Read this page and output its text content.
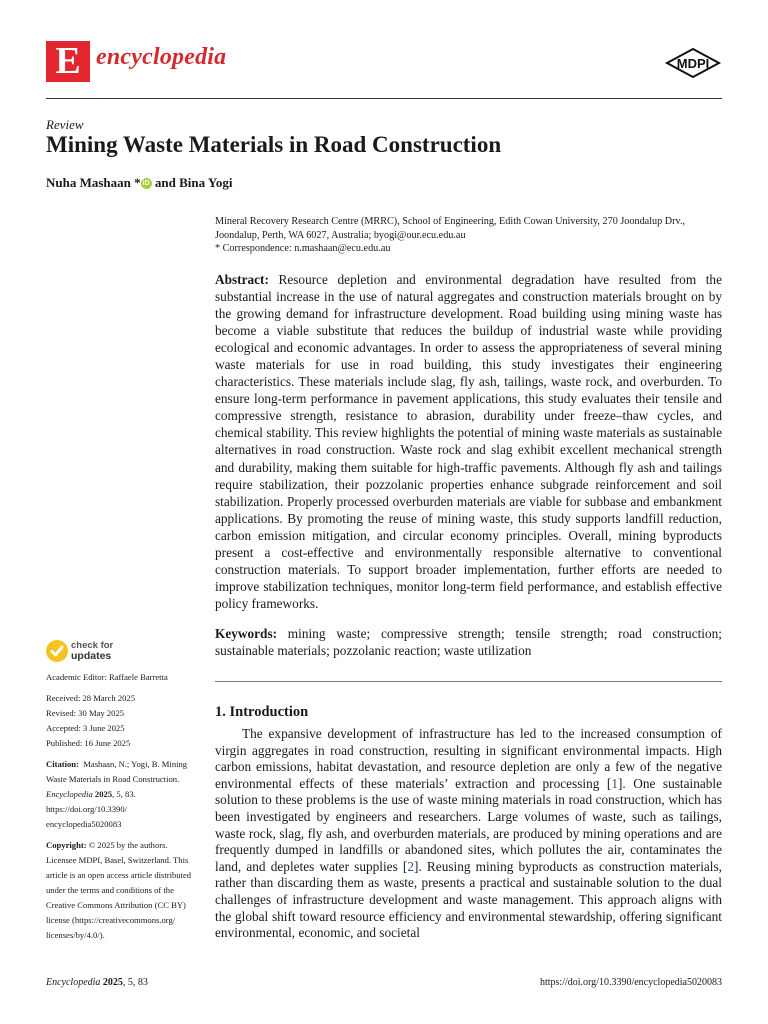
E encyclopedia	MDPI
Review
Mining Waste Materials in Road Construction
Nuha Mashaan * iD and Bina Yogi
Mineral Recovery Research Centre (MRRC), School of Engineering, Edith Cowan University, 270 Joondalup Drv., Joondalup, Perth, WA 6027, Australia; byogi@our.ecu.edu.au
* Correspondence: n.mashaan@ecu.edu.au
Abstract: Resource depletion and environmental degradation have resulted from the substantial increase in the use of natural aggregates and construction materials brought on by the growing demand for infrastructure development. Road building using mining waste has become a viable substitute that reduces the buildup of industrial waste while providing ecological and economic advantages. In order to assess the appropriateness of several mining waste materials for use in road building, this study investigates their engineering characteristics. These materials include slag, fly ash, tailings, waste rock, and overburden. To ensure long-term performance in pavement applications, this study evaluates their tensile and compressive strength, resistance to abrasion, durability under freeze–thaw cycles, and chemical stability. This review highlights the potential of mining waste materials as sustainable alternatives in road construction. Waste rock and slag exhibit excellent mechanical strength and durability, making them suitable for high-traffic pavements. Although fly ash and tailings require stabilization, their pozzolanic properties enhance subgrade reinforcement and soil stabilization. Properly processed overburden materials are viable for subbase and embankment applications. By promoting the reuse of mining waste, this study supports landfill reduction, carbon emission mitigation, and circular economy principles. Overall, mining byproducts present a cost-effective and environmentally responsible alternative to conventional construction materials. To support broader implementation, further efforts are needed to improve stabilization techniques, monitor long-term field performance, and establish effective policy frameworks.
Keywords: mining waste; compressive strength; tensile strength; road construction; sustainable materials; pozzolanic reaction; waste utilization
1. Introduction
The expansive development of infrastructure has led to the increased consumption of virgin aggregates in road construction, resulting in significant environmental impacts. High carbon emissions, habitat devastation, and resource depletion are only a few of the negative environmental effects of these materials’ extraction and processing [1]. One sustainable solution to these problems is the use of waste mining materials in road construction, which has been investigated by engineers and researchers. Large volumes of waste, such as tailings, waste rock, slag, fly ash, and overburden materials, are produced by mining operations and are frequently dumped in landfills or abandoned sites, which pollutes the air, contaminates the land, and depletes water supplies [2]. Reusing mining byproducts as construction materials, rather than discarding them as waste, presents a practical and sustainable solution to the dual challenges of infrastructure development and waste management. This approach aligns with the global shift toward resource efficiency and environmental stewardship, offering significant environmental, economic, and societal
check for
updates

Academic Editor: Raffaele Barretta

Received: 28 March 2025

Revised: 30 May 2025

Accepted: 3 June 2025

Published: 16 June 2025

Citation: Mashaan, N.; Yogi, B. Mining Waste Materials in Road Construction. Encyclopedia 2025, 5, 83. https://doi.org/10.3390/ encyclopedia5020083

Copyright: © 2025 by the authors. Licensee MDPI, Basel, Switzerland. This article is an open access article distributed under the terms and conditions of the Creative Commons Attribution (CC BY) license (https://creativecommons.org/ licenses/by/4.0/).

Encyclopedia 2025, 5, 83	https://doi.org/10.3390/encyclopedia5020083
